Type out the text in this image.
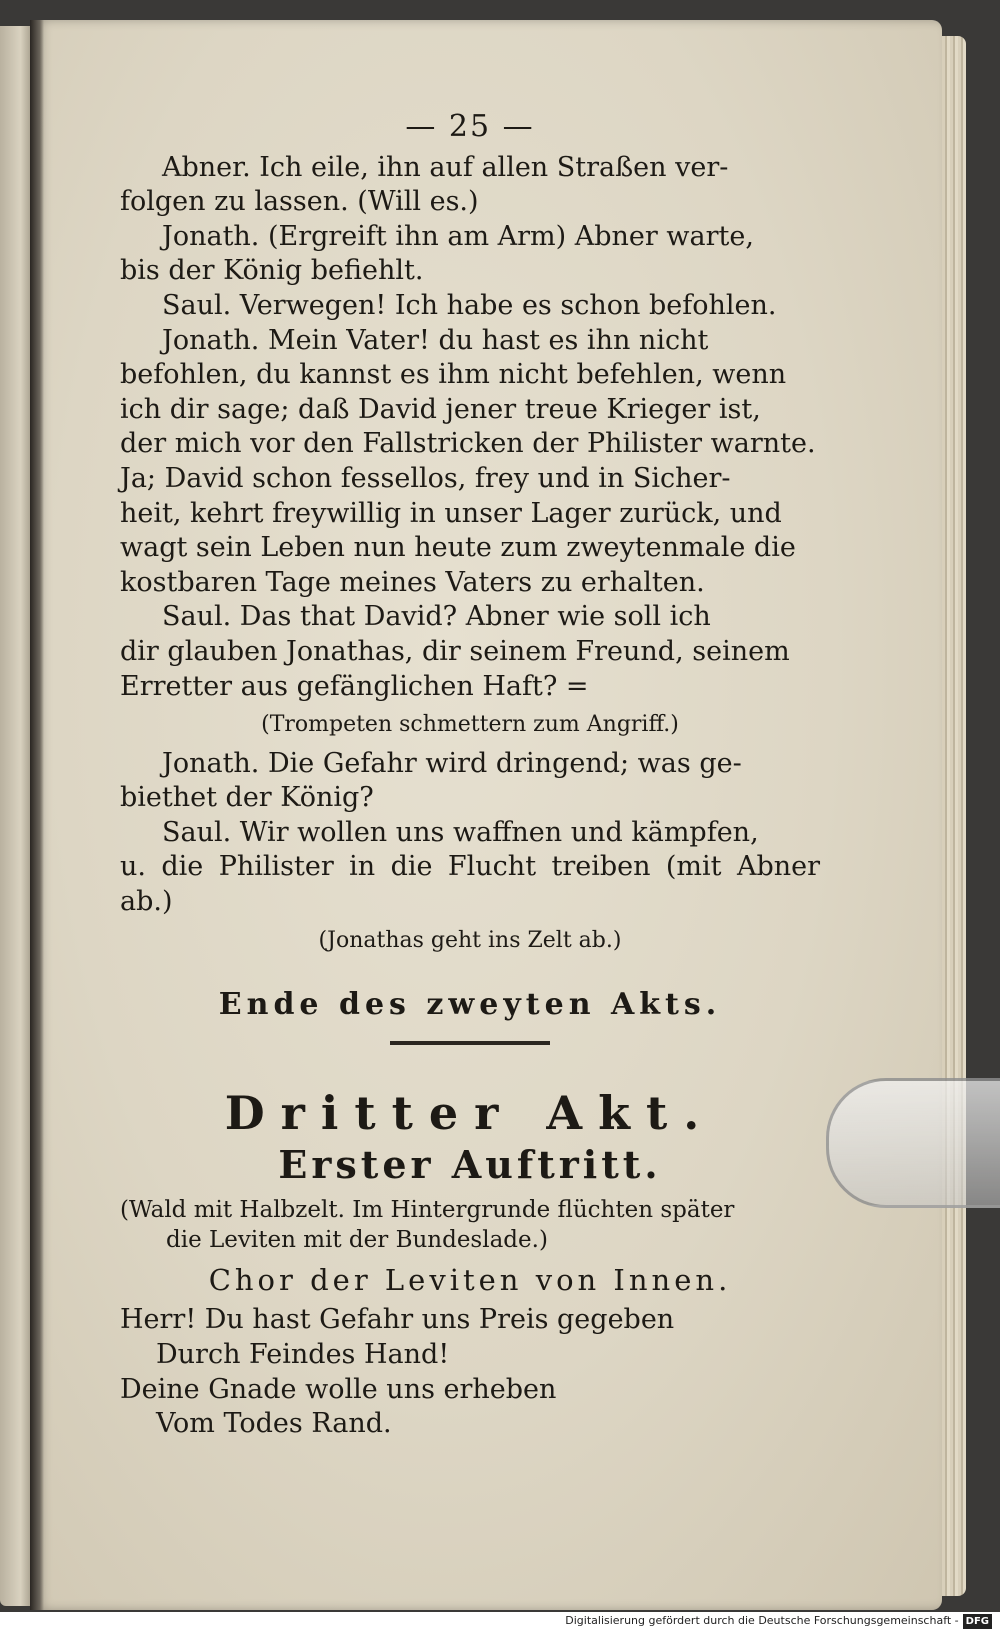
— 25 —

Abner. Ich eile, ihn auf allen Straßen ver-

folgen zu lassen. (Will es.)

Jonath. (Ergreift ihn am Arm) Abner warte,

bis der König befiehlt.

Saul. Verwegen! Ich habe es schon befohlen.

Jonath. Mein Vater! du hast es ihn nicht

befohlen, du kannst es ihm nicht befehlen, wenn

ich dir sage; daß David jener treue Krieger ist,

der mich vor den Fallstricken der Philister warnte.

Ja; David schon fessellos, frey und in Sicher-

heit, kehrt freywillig in unser Lager zurück, und

wagt sein Leben nun heute zum zweytenmale die

kostbaren Tage meines Vaters zu erhalten.

Saul. Das that David? Abner wie soll ich

dir glauben Jonathas, dir seinem Freund, seinem

Erretter aus gefänglichen Haft? =

(Trompeten schmettern zum Angriff.)

Jonath. Die Gefahr wird dringend; was ge-

biethet der König?

Saul. Wir wollen uns waffnen und kämpfen,

u. die Philister in die Flucht treiben (mit Abner ab.)

(Jonathas geht ins Zelt ab.)

Ende des zweyten Akts.
Dritter Akt.
Erster Auftritt.

(Wald mit Halbzelt. Im Hintergrunde flüchten später

die Leviten mit der Bundeslade.)

Chor der Leviten von Innen.

Herr! Du hast Gefahr uns Preis gegeben

Durch Feindes Hand!

Deine Gnade wolle uns erheben

Vom Todes Rand.

Digitalisierung gefördert durch die Deutsche Forschungsgemeinschaft - DFG
